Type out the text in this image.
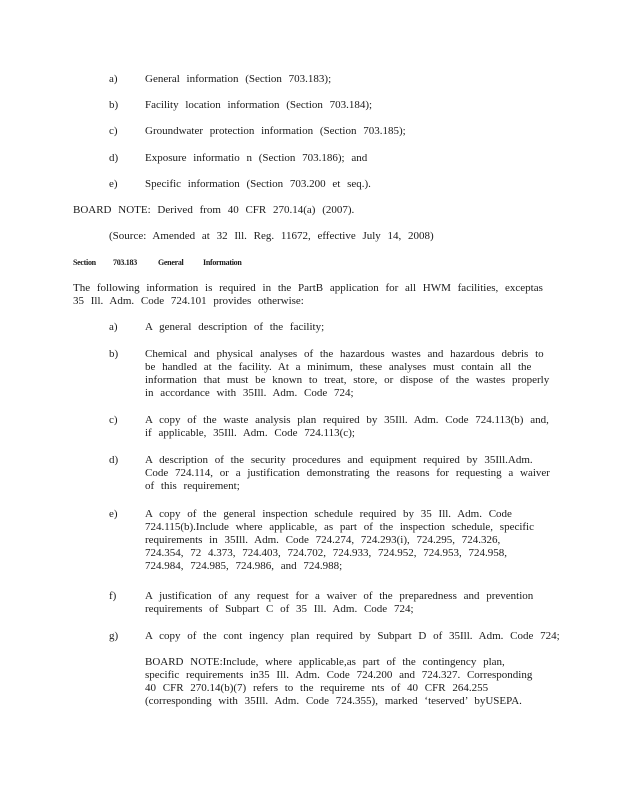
a) General information (Section 703.183);
b) Facility location information (Section 703.184);
c) Groundwater protection information (Section 703.185);
d) Exposure informatio n (Section 703.186); and
e) Specific information (Section 703.200 et seq.).
BOARD NOTE: Derived from 40 CFR 270.14(a) (2007).
(Source: Amended at 32 Ill. Reg. 11672, effective July 14, 2008)
Section 703.183	General Information
The following information is required in the PartB application for all HWM facilities, exceptas
35 Ill. Adm. Code 724.101 provides otherwise:
a) A general description of the facility;
b) Chemical and physical analyses of the hazardous wastes and hazardous debris to
be handled at the facility. At a minimum, these analyses must contain all the
information that must be known to treat, store, or dispose of the wastes properly
in accordance with 35Ill. Adm. Code 724;
c) A copy of the waste analysis plan required by 35Ill. Adm. Code 724.113(b) and,
if applicable, 35Ill. Adm. Code 724.113(c);
d) A description of the security procedures and equipment required by 35Ill.Adm.
Code 724.114, or a justification demonstrating the reasons for requesting a waiver
of this requirement;
e) A copy of the general inspection schedule required by 35 Ill. Adm. Code
724.115(b).Include where applicable, as part of the inspection schedule, specific
requirements in 35Ill. Adm. Code 724.274, 724.293(i), 724.295, 724.326,
724.354, 72 4.373, 724.403, 724.702, 724.933, 724.952, 724.953, 724.958,
724.984, 724.985, 724.986, and 724.988;
f)	A justification of any request for a waiver of the preparedness and prevention
requirements of Subpart C of 35 Ill. Adm. Code 724;
g) A copy of the cont ingency plan required by Subpart D of 35Ill. Adm. Code 724;
BOARD NOTE:Include, where applicable,as part of the contingency plan,
specific requirements in35 Ill. Adm. Code 724.200 and 724.327. Corresponding
40 CFR 270.14(b)(7) refers to the requireme nts of 40 CFR 264.255
(corresponding with 35Ill. Adm. Code 724.355), marked ‘teserved’ byUSEPA.
